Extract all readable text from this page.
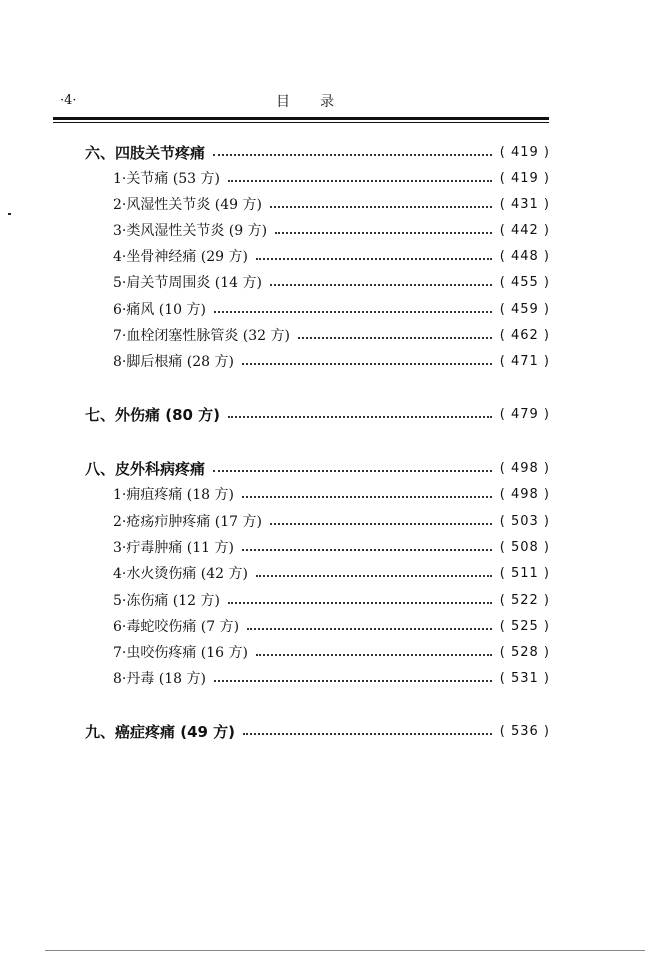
·4·	目录
六、四肢关节疼痛	( 419 )
1·关节痛 (53 方)	( 419 )
2·风湿性关节炎 (49 方)	( 431 )
3·类风湿性关节炎 (9 方)	( 442 )
4·坐骨神经痛 (29 方)	( 448 )
5·肩关节周围炎 (14 方)	( 455 )
6·痛风 (10 方)	( 459 )
7·血栓闭塞性脉管炎 (32 方)	( 462 )
8·脚后根痛 (28 方)	( 471 )
七、外伤痛 (80 方)	( 479 )
八、皮外科病疼痛	( 498 )
1·痈疽疼痛 (18 方)	( 498 )
2·疮疡疖肿疼痛 (17 方)	( 503 )
3·疔毒肿痛 (11 方)	( 508 )
4·水火烫伤痛 (42 方)	( 511 )
5·冻伤痛 (12 方)	( 522 )
6·毒蛇咬伤痛 (7 方)	( 525 )
7·虫咬伤疼痛 (16 方)	( 528 )
8·丹毒 (18 方)	( 531 )
九、癌症疼痛 (49 方)	( 536 )
